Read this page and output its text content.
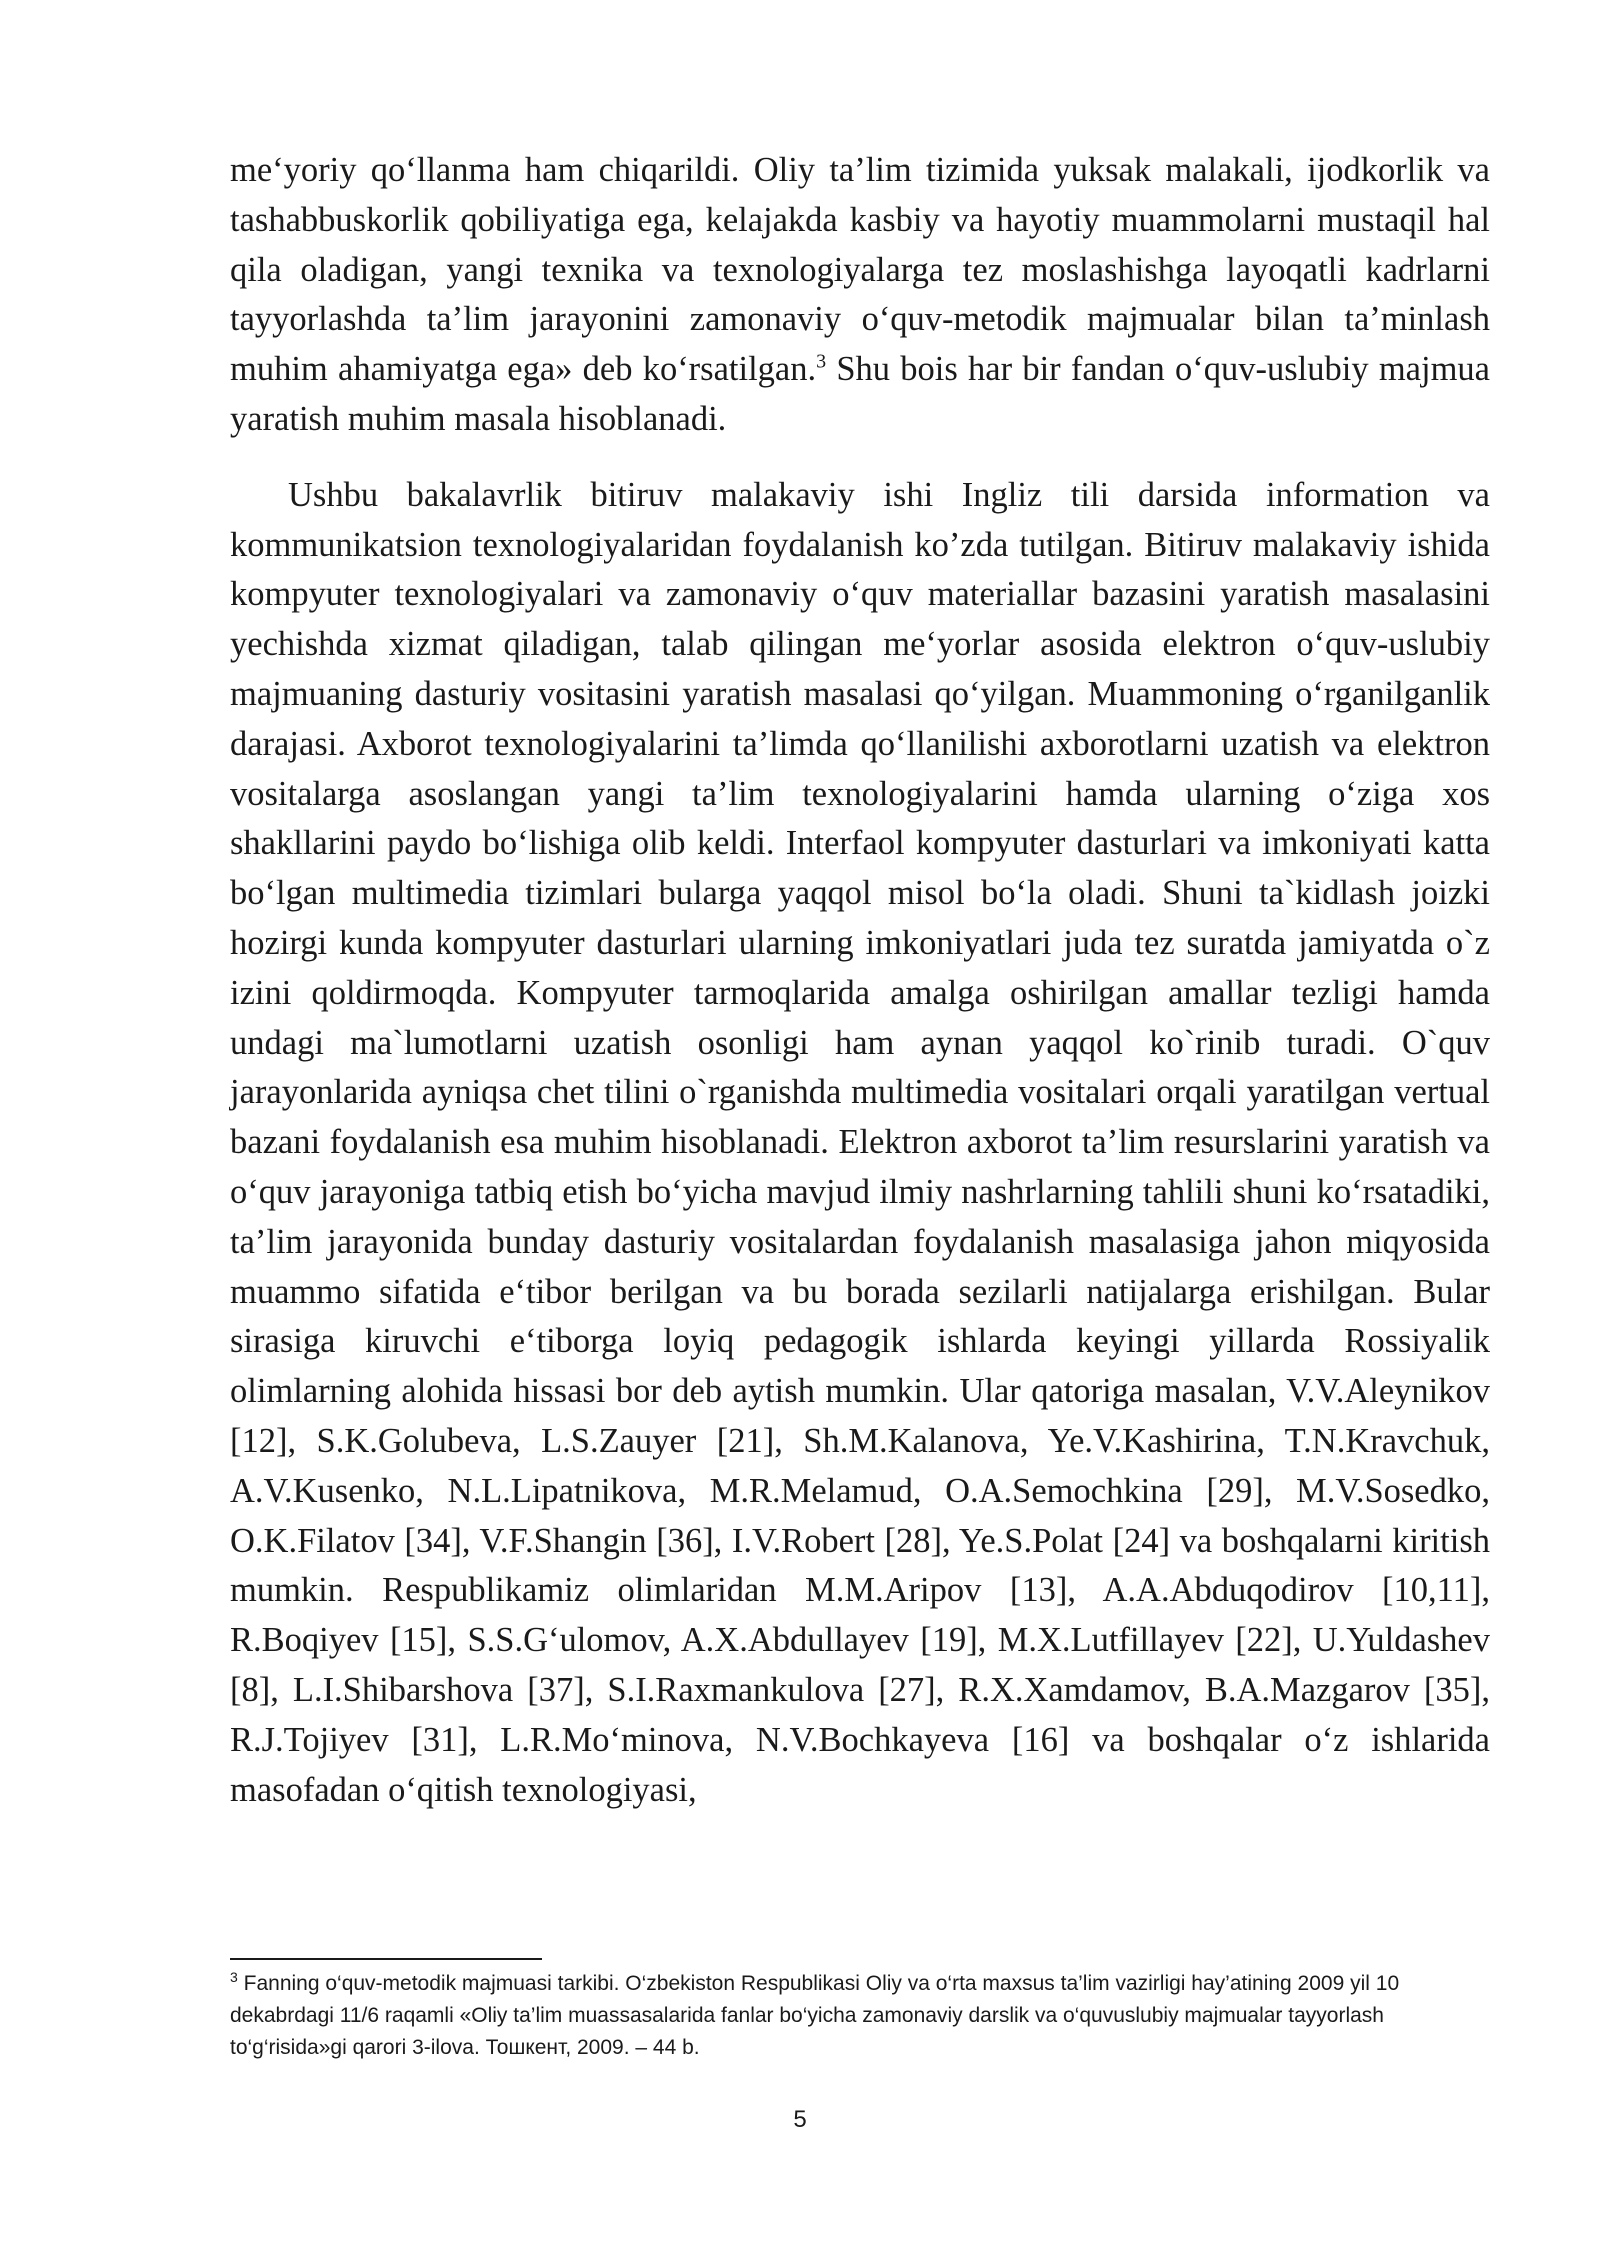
me‘yoriy qo‘llanma ham chiqarildi. Oliy ta’lim tizimida yuksak malakali, ijodkorlik va tashabbuskorlik qobiliyatiga ega, kelajakda kasbiy va hayotiy muammolarni mustaqil hal qila oladigan, yangi texnika va texnologiyalarga tez moslashishga layoqatli kadrlarni tayyorlashda ta’lim jarayonini zamonaviy o‘quv-metodik majmualar bilan ta’minlash muhim ahamiyatga ega» deb ko‘rsatilgan.$^3$ Shu bois har bir fandan o‘quv-uslubiy majmua yaratish muhim masala hisoblanadi.

Ushbu bakalavrlik bitiruv malakaviy ishi Ingliz tili darsida information va kommunikatsion texnologiyalaridan foydalanish ko’zda tutilgan. Bitiruv malakaviy ishida kompyuter texnologiyalari va zamonaviy o‘quv materiallar bazasini yaratish masalasini yechishda xizmat qiladigan, talab qilingan me‘yorlar asosida elektron o‘quv-uslubiy majmuaning dasturiy vositasini yaratish masalasi qo‘yilgan. Muammoning o‘rganilganlik darajasi. Axborot texnologiyalarini ta’limda qo‘llanilishi axborotlarni uzatish va elektron vositalarga asoslangan yangi ta’lim texnologiyalarini hamda ularning o‘ziga xos shakllarini paydo bo‘lishiga olib keldi. Interfaol kompyuter dasturlari va imkoniyati katta bo‘lgan multimedia tizimlari bularga yaqqol misol bo‘la oladi. Shuni ta`kidlash joizki hozirgi kunda kompyuter dasturlari ularning imkoniyatlari juda tez suratda jamiyatda o`z izini qoldirmoqda. Kompyuter tarmoqlarida amalga oshirilgan amallar tezligi hamda undagi ma`lumotlarni uzatish osonligi ham aynan yaqqol ko`rinib turadi. O`quv jarayonlarida ayniqsa chet tilini o`rganishda multimedia vositalari orqali yaratilgan vertual bazani foydalanish esa muhim hisoblanadi. Elektron axborot ta’lim resurslarini yaratish va o‘quv jarayoniga tatbiq etish bo‘yicha mavjud ilmiy nashrlarning tahlili shuni ko‘rsatadiki, ta’lim jarayonida bunday dasturiy vositalardan foydalanish masalasiga jahon miqyosida muammo sifatida e‘tibor berilgan va bu borada sezilarli natijalarga erishilgan. Bular sirasiga kiruvchi e‘tiborga loyiq pedagogik ishlarda keyingi yillarda Rossiyalik olimlarning alohida hissasi bor deb aytish mumkin. Ular qatoriga masalan, V.V.Aleynikov [12], S.K.Golubeva, L.S.Zauyer [21], Sh.M.Kalanova, Ye.V.Kashirina, T.N.Kravchuk, A.V.Kusenko, N.L.Lipatnikova, M.R.Melamud, O.A.Semochkina [29], M.V.Sosedko, O.K.Filatov [34], V.F.Shangin [36], I.V.Robert [28], Ye.S.Polat [24] va boshqalarni kiritish mumkin. Respublikamiz olimlaridan M.M.Aripov [13], A.A.Abduqodirov [10,11], R.Boqiyev [15], S.S.G‘ulomov, A.X.Abdullayev [19], M.X.Lutfillayev [22], U.Yuldashev [8], L.I.Shibarshova [37], S.I.Raxmankulova [27], R.X.Xamdamov, B.A.Mazgarov [35], R.J.Tojiyev [31], L.R.Mo‘minova, N.V.Bochkayeva [16] va boshqalar o‘z ishlarida masofadan o‘qitish texnologiyasi,

$^3$ Fanning o‘quv-metodik majmuasi tarkibi. O‘zbekiston Respublikasi Oliy va o‘rta maxsus ta’lim vazirligi hay’atining 2009 yil 10 dekabrdagi 11/6 raqamli «Oliy ta’lim muassasalarida fanlar bo‘yicha zamonaviy darslik va o‘quvuslubiy majmualar tayyorlash to‘g‘risida»gi qarori 3-ilova. Тошкент, 2009. – 44 b.
5
